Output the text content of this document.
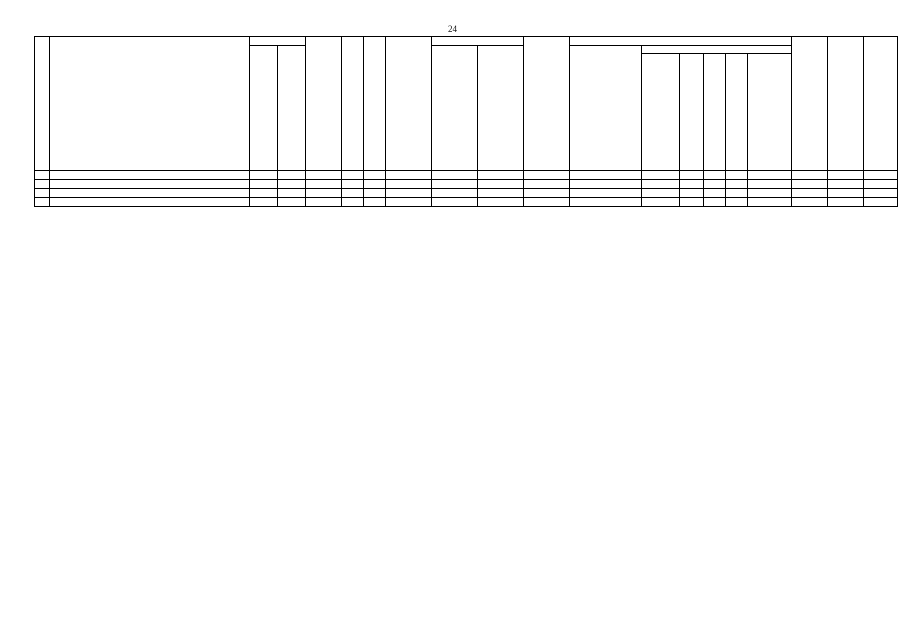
24
